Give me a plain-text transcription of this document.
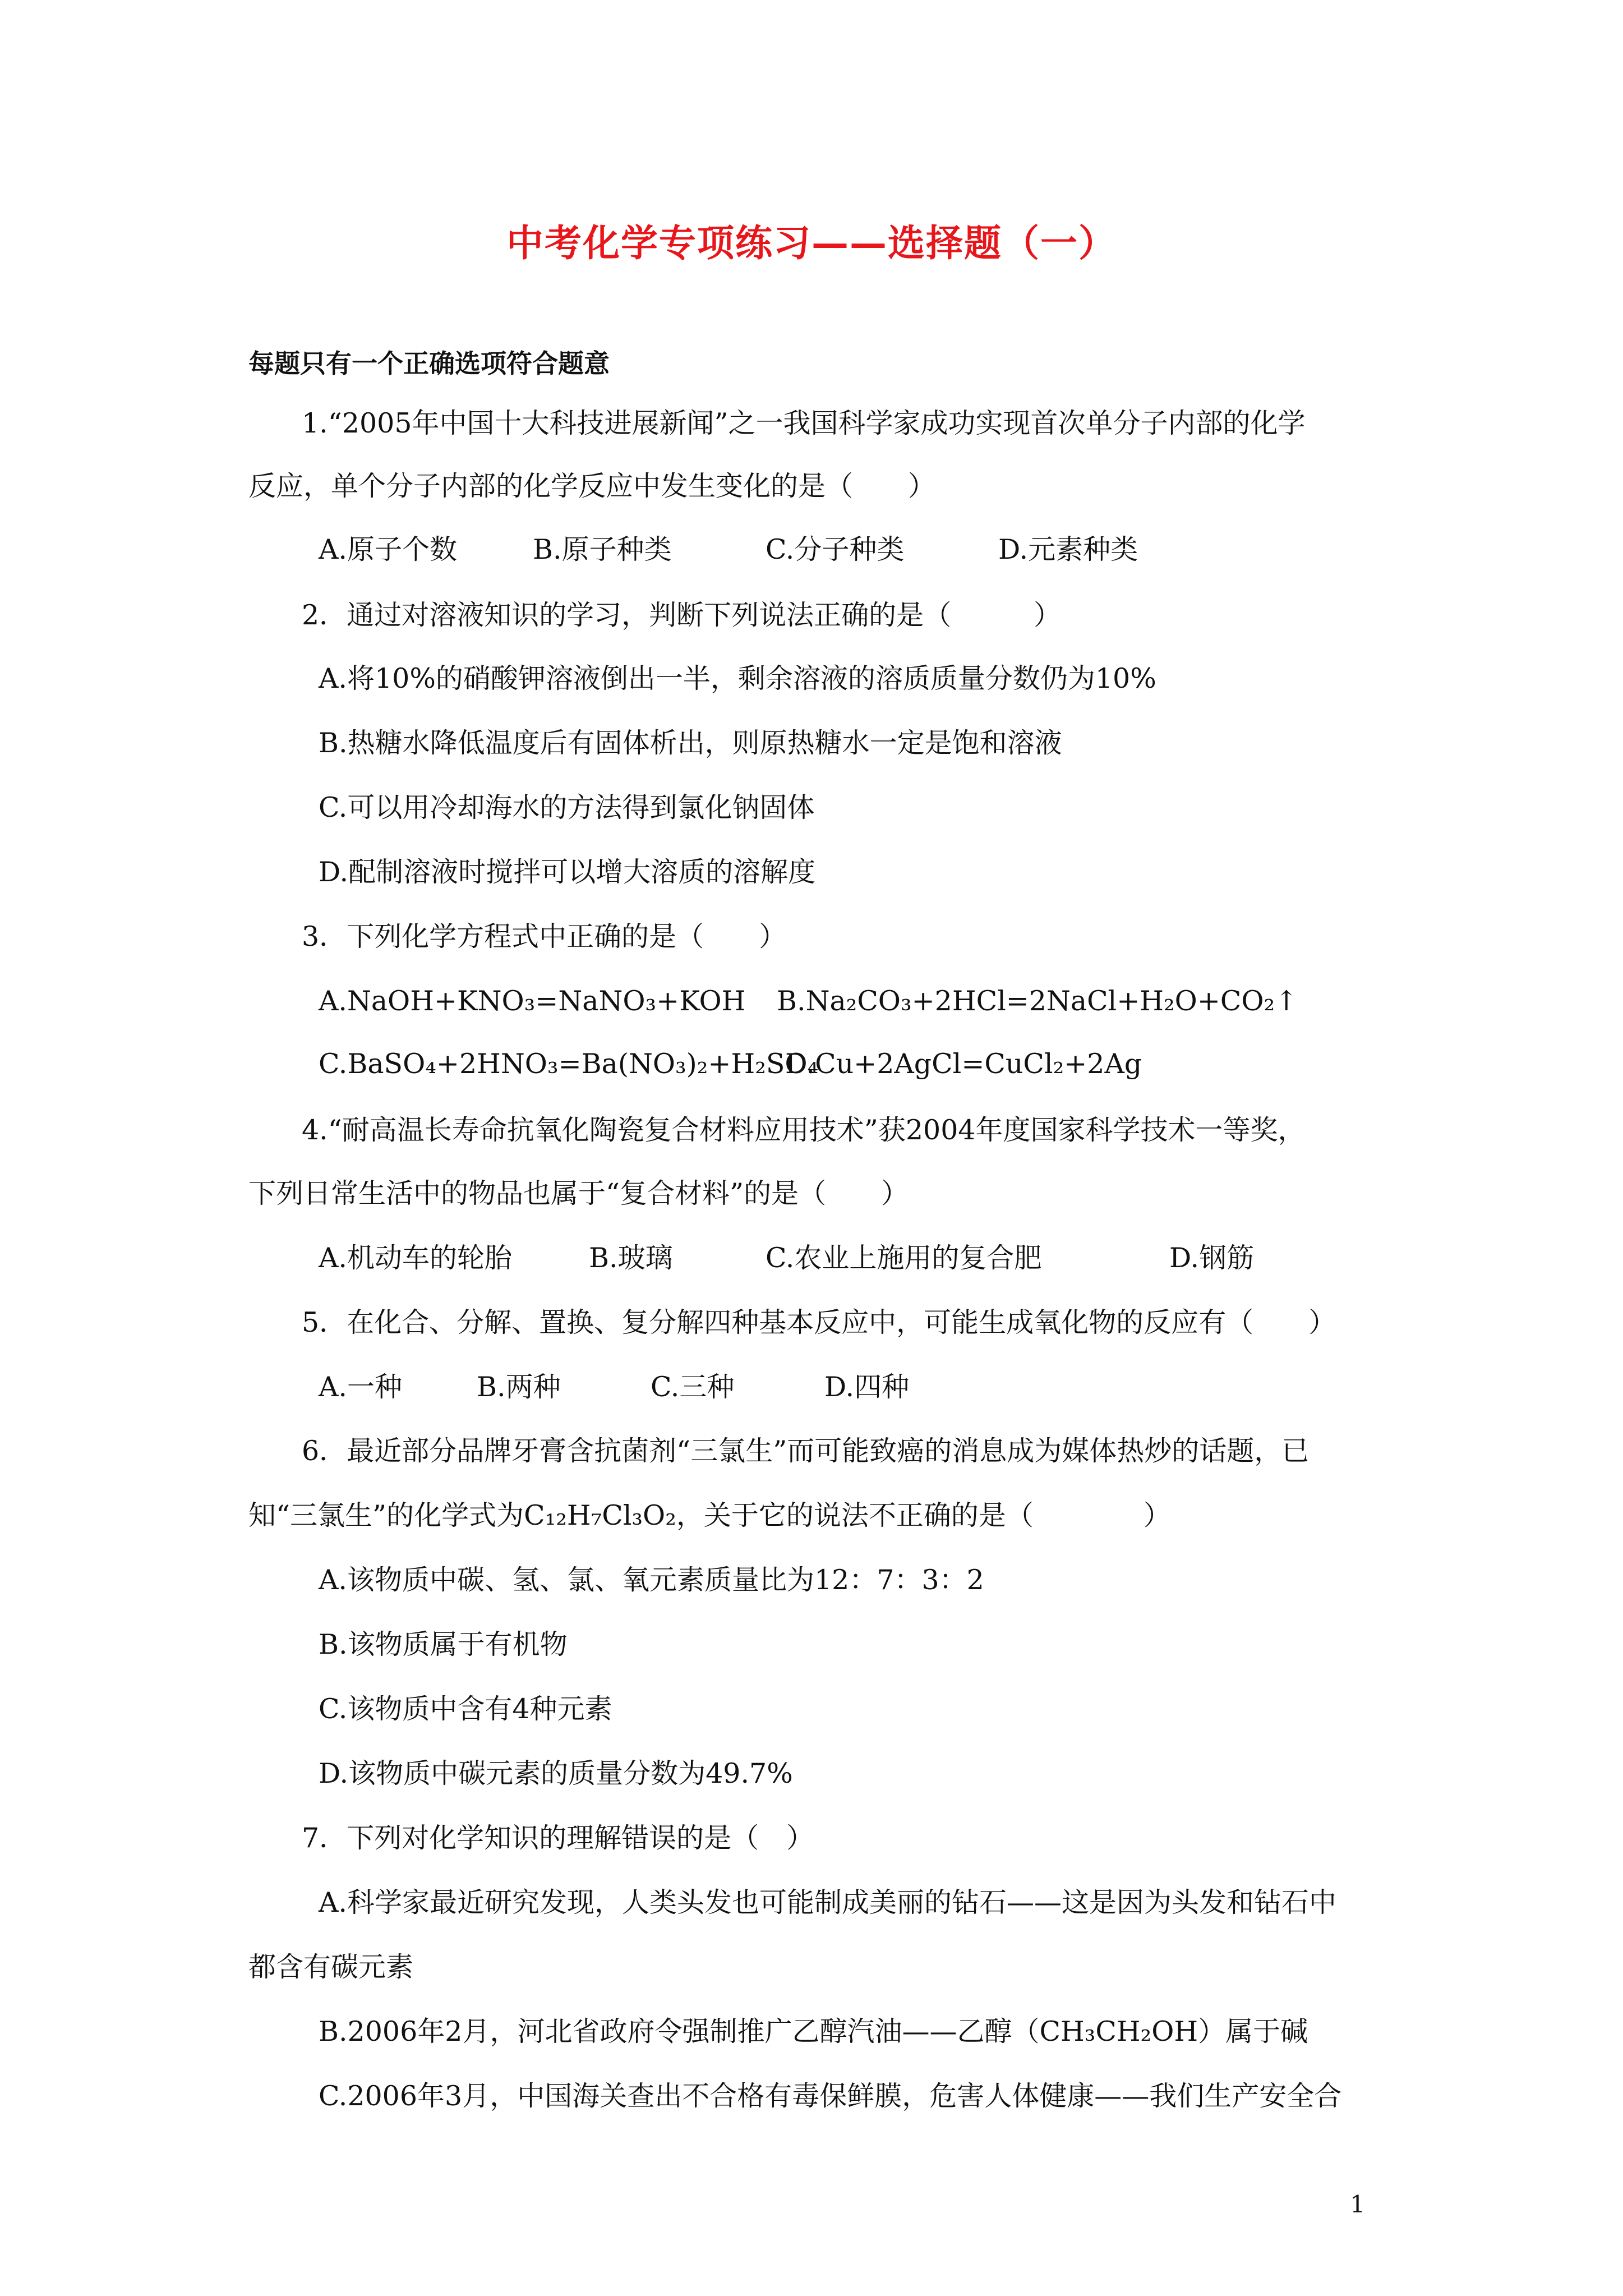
中考化学专项练习——选择题（一）
每题只有一个正确选项符合题意
1.“2005年中国十大科技进展新闻”之一我国科学家成功实现首次单分子内部的化学
反应，单个分子内部的化学反应中发生变化的是（　　）
A.原子个数	B.原子种类	C.分子种类	D.元素种类
2．通过对溶液知识的学习，判断下列说法正确的是（　　　）
A.将10%的硝酸钾溶液倒出一半，剩余溶液的溶质质量分数仍为10%
B.热糖水降低温度后有固体析出，则原热糖水一定是饱和溶液
C.可以用冷却海水的方法得到氯化钠固体
D.配制溶液时搅拌可以增大溶质的溶解度
3．下列化学方程式中正确的是（　　）
A.NaOH+KNO₃=NaNO₃+KOH B.Na₂CO₃+2HCl=2NaCl+H₂O+CO₂↑
C.BaSO₄+2HNO₃=Ba(NO₃)₂+H₂SO₄
D.Cu+2AgCl=CuCl₂+2Ag
4.“耐高温长寿命抗氧化陶瓷复合材料应用技术”获2004年度国家科学技术一等奖，
下列日常生活中的物品也属于“复合材料”的是（　　）
A.机动车的轮胎	B.玻璃	C.农业上施用的复合肥	D.钢筋
5．在化合、分解、置换、复分解四种基本反应中，可能生成氧化物的反应有（　　）
A.一种	B.两种	C.三种	D.四种
6．最近部分品牌牙膏含抗菌剂“三氯生”而可能致癌的消息成为媒体热炒的话题，已
知“三氯生”的化学式为C₁₂H₇Cl₃O₂，关于它的说法不正确的是（　　　　）
A.该物质中碳、氢、氯、氧元素质量比为12：7：3：2
B.该物质属于有机物
C.该物质中含有4种元素
D.该物质中碳元素的质量分数为49.7%
7．下列对化学知识的理解错误的是（　）
A.科学家最近研究发现，人类头发也可能制成美丽的钻石——这是因为头发和钻石中
都含有碳元素
B.2006年2月，河北省政府令强制推广乙醇汽油——乙醇（CH₃CH₂OH）属于碱
C.2006年3月，中国海关查出不合格有毒保鲜膜，危害人体健康——我们生产安全合
1
